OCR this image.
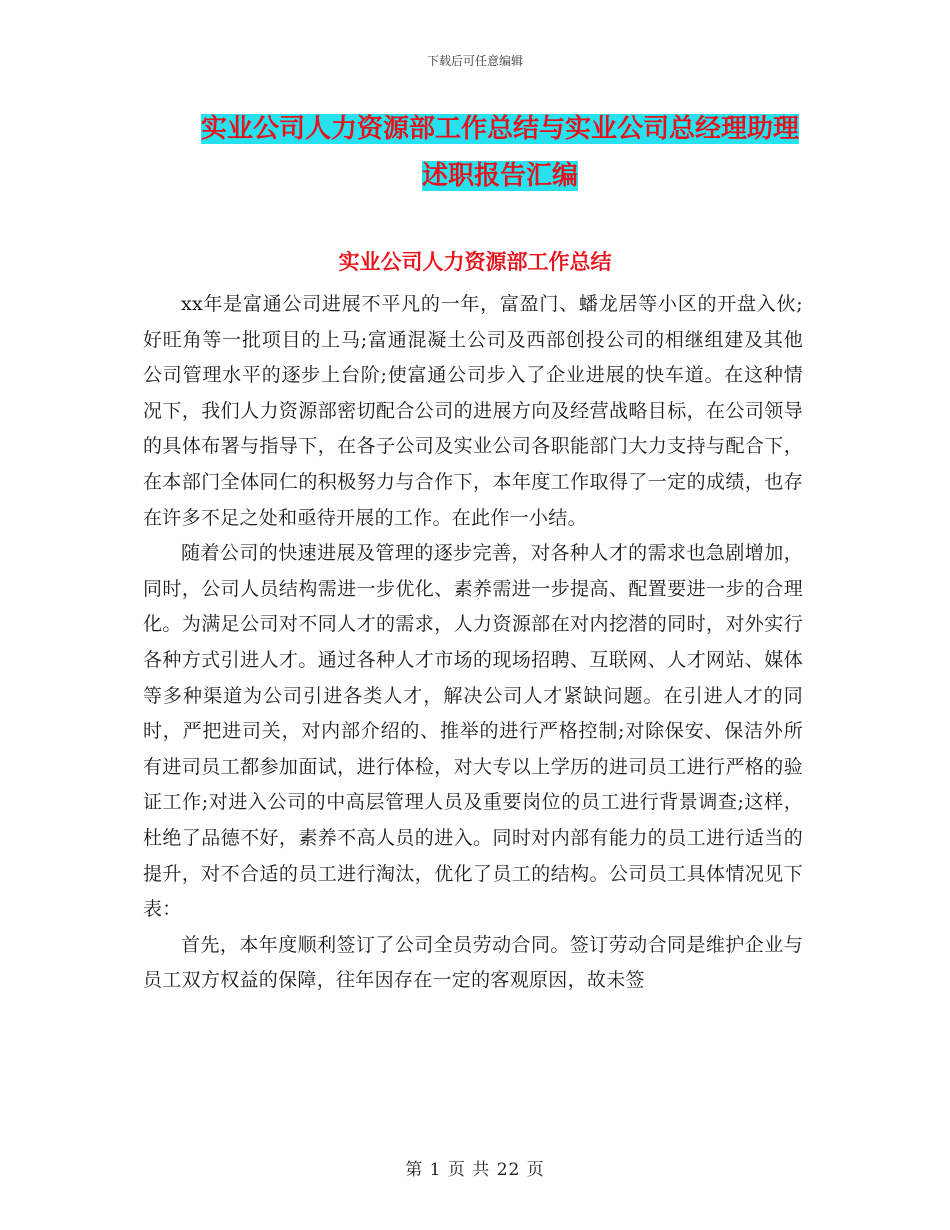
下载后可任意编辑
实业公司人力资源部工作总结与实业公司总经理助理
述职报告汇编
实业公司人力资源部工作总结

xx年是富通公司进展不平凡的一年，富盈门、蟠龙居等小区的开盘入伙;好旺角等一批项目的上马;富通混凝土公司及西部创投公司的相继组建及其他公司管理水平的逐步上台阶;使富通公司步入了企业进展的快车道。在这种情况下，我们人力资源部密切配合公司的进展方向及经营战略目标，在公司领导的具体布署与指导下，在各子公司及实业公司各职能部门大力支持与配合下，在本部门全体同仁的积极努力与合作下，本年度工作取得了一定的成绩，也存在许多不足之处和亟待开展的工作。在此作一小结。

随着公司的快速进展及管理的逐步完善，对各种人才的需求也急剧增加，同时，公司人员结构需进一步优化、素养需进一步提高、配置要进一步的合理化。为满足公司对不同人才的需求，人力资源部在对内挖潜的同时，对外实行各种方式引进人才。通过各种人才市场的现场招聘、互联网、人才网站、媒体等多种渠道为公司引进各类人才，解决公司人才紧缺问题。在引进人才的同时，严把进司关，对内部介绍的、推举的进行严格控制;对除保安、保洁外所有进司员工都参加面试，进行体检，对大专以上学历的进司员工进行严格的验证工作;对进入公司的中高层管理人员及重要岗位的员工进行背景调查;这样，杜绝了品德不好，素养不高人员的进入。同时对内部有能力的员工进行适当的提升，对不合适的员工进行淘汰，优化了员工的结构。公司员工具体情况见下表：

首先，本年度顺利签订了公司全员劳动合同。签订劳动合同是维护企业与员工双方权益的保障，往年因存在一定的客观原因，故未签

第 1 页 共 22 页
